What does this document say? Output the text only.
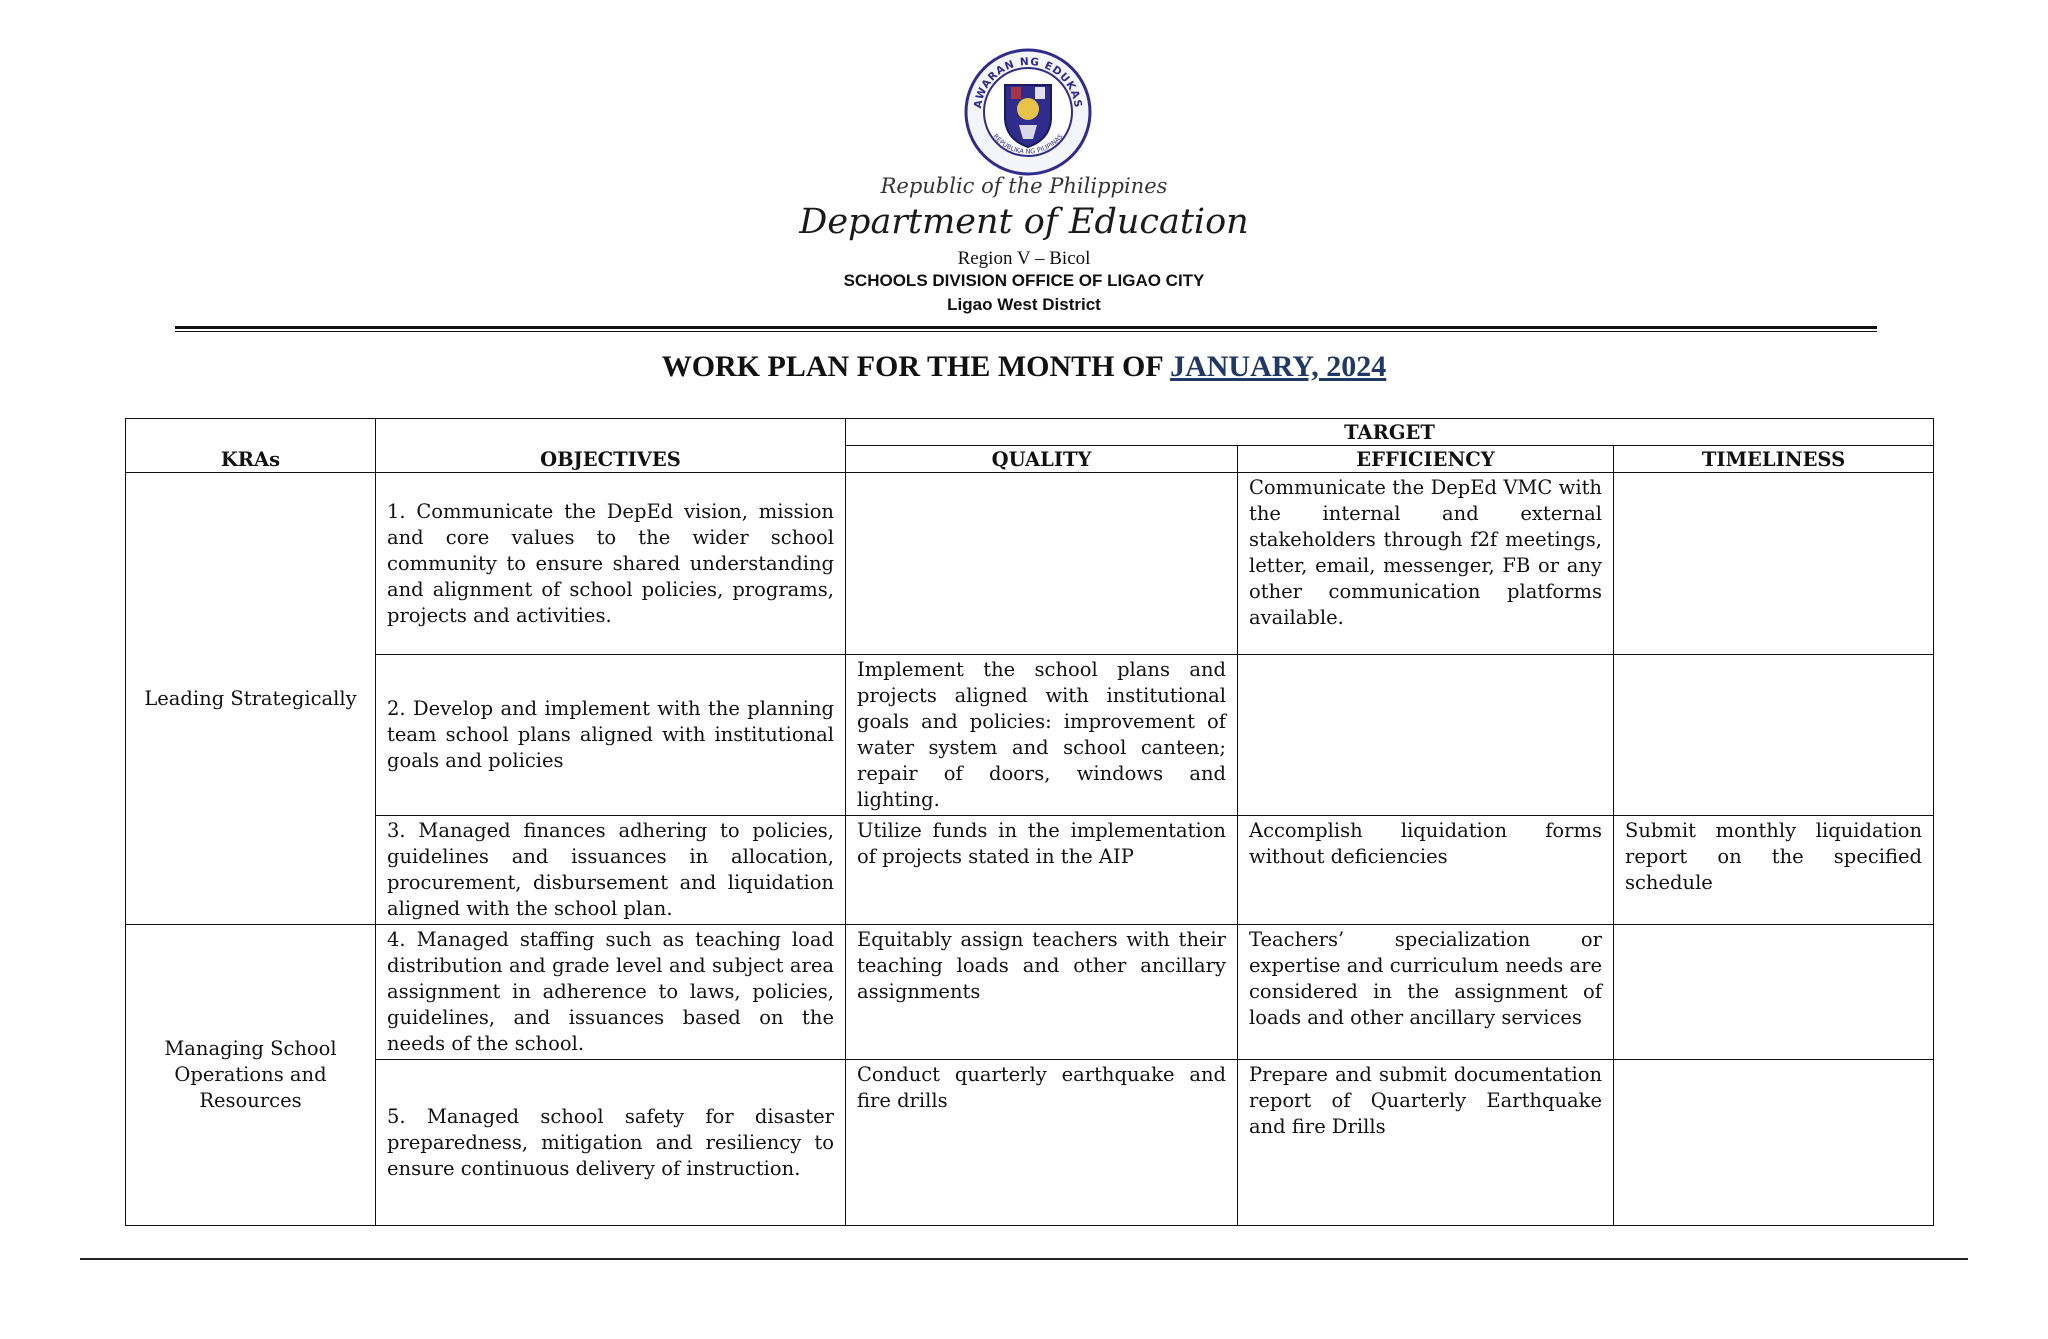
AWARAN NG EDUKAS
REPUBLIKA NG PILIPINAS
Republic of the Philippines
Department of Education
Region V – Bicol
SCHOOLS DIVISION OFFICE OF LIGAO CITY
Ligao West District
WORK PLAN FOR THE MONTH OF JANUARY, 2024
KRAs	OBJECTIVES	TARGET		
		QUALITY	EFFICIENCY	TIMELINESS
Leading Strategically	1. Communicate the DepEd vision, mission and core values to the wider school community to ensure shared understanding and alignment of school policies, programs, projects and activities.		Communicate the DepEd VMC with the internal and external stakeholders through f2f meetings, letter, email, messenger, FB or any other communication platforms available.	
	2. Develop and implement with the planning team school plans aligned with institutional goals and policies	Implement the school plans and projects aligned with institutional goals and policies: improvement of water system and school canteen; repair of doors, windows and lighting.		
	3. Managed finances adhering to policies, guidelines and issuances in allocation, procurement, disbursement and liquidation aligned with the school plan.	Utilize funds in the implementation of projects stated in the AIP	Accomplish liquidation forms without deficiencies	Submit monthly liquidation report on the specified schedule
Managing School Operations and Resources	4. Managed staffing such as teaching load distribution and grade level and subject area assignment in adherence to laws, policies, guidelines, and issuances based on the needs of the school.	Equitably assign teachers with their teaching loads and other ancillary assignments	Teachers’ specialization or expertise and curriculum needs are considered in the assignment of loads and other ancillary services	
	5. Managed school safety for disaster preparedness, mitigation and resiliency to ensure continuous delivery of instruction.	Conduct quarterly earthquake and fire drills	Prepare and submit documentation report of Quarterly Earthquake and fire Drills	
